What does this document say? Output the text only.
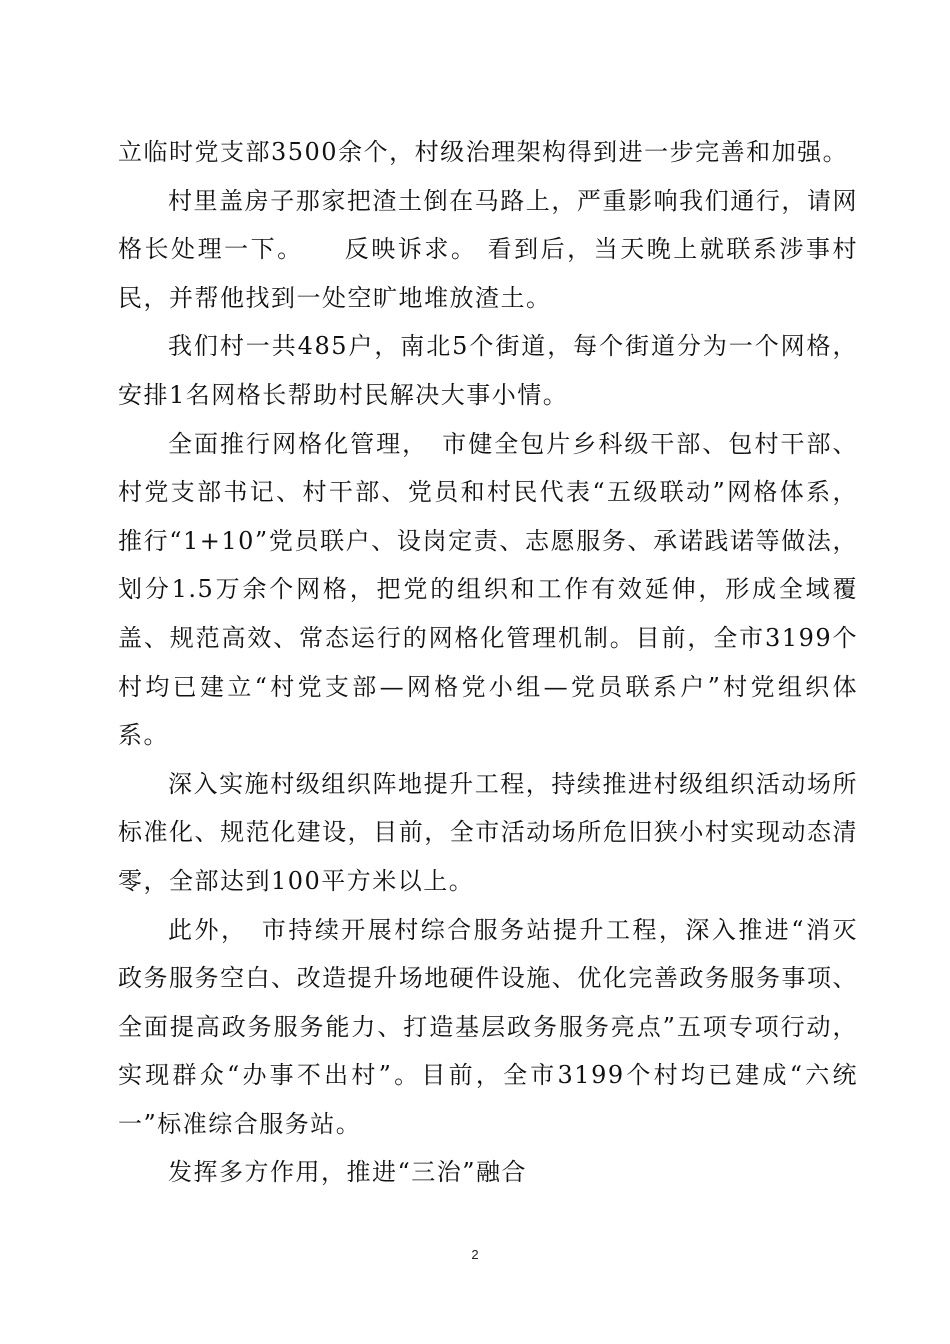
立临时党支部3500余个，村级治理架构得到进一步完善和加强。

村里盖房子那家把渣土倒在马路上，严重影响我们通行，请网格长处理一下。　　反映诉求。 看到后，当天晚上就联系涉事村民，并帮他找到一处空旷地堆放渣土。

我们村一共485户，南北5个街道，每个街道分为一个网格，安排1名网格长帮助村民解决大事小情。

全面推行网格化管理，　市健全包片乡科级干部、包村干部、村党支部书记、村干部、党员和村民代表“五级联动”网格体系，推行“1+10”党员联户、设岗定责、志愿服务、承诺践诺等做法，划分1.5万余个网格，把党的组织和工作有效延伸，形成全域覆盖、规范高效、常态运行的网格化管理机制。目前，全市3199个村均已建立“村党支部—网格党小组—党员联系户”村党组织体系。

深入实施村级组织阵地提升工程，持续推进村级组织活动场所标准化、规范化建设，目前，全市活动场所危旧狭小村实现动态清零，全部达到100平方米以上。

此外，　市持续开展村综合服务站提升工程，深入推进“消灭政务服务空白、改造提升场地硬件设施、优化完善政务服务事项、全面提高政务服务能力、打造基层政务服务亮点”五项专项行动，实现群众“办事不出村”。目前，全市3199个村均已建成“六统一”标准综合服务站。

发挥多方作用，推进“三治”融合

2
